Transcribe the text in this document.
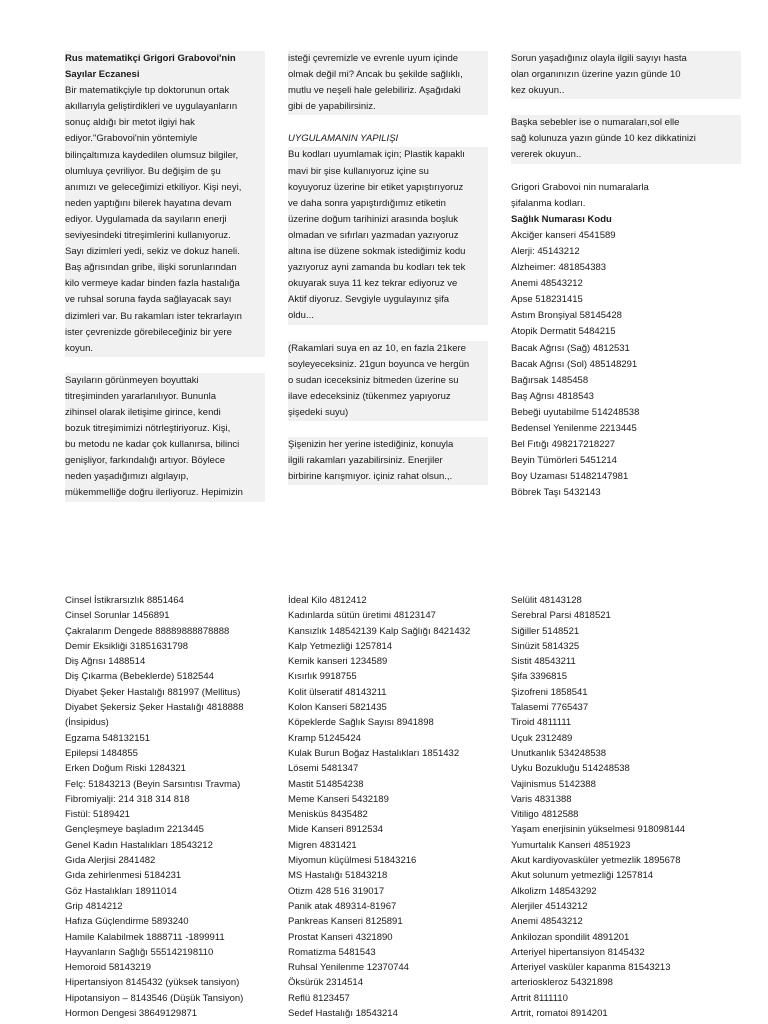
Rus matematikçi Grigori Grabovoi'nin
Sayılar Eczanesi
Bir matematikçiyle tıp doktorunun ortak
akıllarıyla geliştirdikleri ve uygulayanların
sonuç aldığı bir metot ilgiyi hak
ediyor."Grabovoi'nin yöntemiyle
bilinçaltımıza kaydedilen olumsuz bilgiler,
olumluya çevriliyor. Bu değişim de şu
anımızı ve geleceğimizi etkiliyor. Kişi neyi,
neden yaptığını bilerek hayatına devam
ediyor. Uygulamada da sayıların enerji
seviyesindeki titreşimlerini kullanıyoruz.
Sayı dizimleri yedi, sekiz ve dokuz haneli.
Baş ağrısından gribe, ilişki sorunlarından
kilo vermeye kadar binden fazla hastalığa
ve ruhsal soruna fayda sağlayacak sayı
dizimleri var. Bu rakamları ister tekrarlayın
ister çevrenizde görebileceğiniz bir yere
koyun.
Sayıların görünmeyen boyuttaki
titreşiminden yararlanılıyor. Bununla
zihinsel olarak iletişime girince, kendi
bozuk titreşimimizi nötrleştiriyoruz. Kişi,
bu metodu ne kadar çok kullanırsa, bilinci
genişliyor, farkındalığı artıyor. Böylece
neden yaşadığımızı algılayıp,
mükemmelliğe doğru ilerliyoruz. Hepimizin
isteği çevremizle ve evrenle uyum içinde
olmak değil mi? Ancak bu şekilde sağlıklı,
mutlu ve neşeli hale gelebiliriz. Aşağıdaki
gibi de yapabilirsiniz.
UYGULAMANIN YAPILIŞI
Bu kodları uyumlamak için; Plastik kapaklı
mavi bir şise kullanıyoruz içine su
koyuyoruz üzerine bir etiket yapıştırıyoruz
ve daha sonra yapıştırdığımız etiketin
üzerine doğum tarihinizi arasında boşluk
olmadan ve sıfırları yazmadan yazıyoruz
altına ise düzene sokmak istediğimiz kodu
yazıyoruz ayni zamanda bu kodları tek tek
okuyarak suya 11 kez tekrar ediyoruz ve
Aktif diyoruz. Sevgiyle uygulayınız şifa
oldu...
(Rakamlari suya en az 10, en fazla 21kere
soyleyeceksiniz. 21gun boyunca ve hergün
o sudan iceceksiniz bitmeden üzerine su
ilave edeceksiniz (tükenmez yapıyoruz
şişedeki suyu)
Şişenizin her yerine istediğiniz, konuyla
ilgili rakamları yazabilirsiniz. Enerjiler
birbirine karışmıyor. içiniz rahat olsun.,.
Sorun yaşadığınız olayla ilgili sayıyı hasta
olan organınızın üzerine yazın günde 10
kez okuyun..
Başka sebebler ise o numaraları,sol elle
sağ kolunuza yazın günde 10 kez dikkatinizi
vererek okuyun..
Grigori Grabovoi nin numaralarla
şifalanma kodları.
Sağlık Numarası Kodu
Akciğer kanseri 4541589
Alerji: 45143212
Alzheimer: 481854383
Anemi 48543212
Apse 518231415
Astım Bronşiyal 58145428
Atopik Dermatit 5484215
Bacak Ağrısı (Sağ) 4812531
Bacak Ağrısı (Sol) 485148291
Bağırsak 1485458
Baş Ağrısı 4818543
Bebeği uyutabilme 514248538
Bedensel Yenilenme 2213445
Bel Fıtığı 498217218227
Beyin Tümörleri 5451214
Boy Uzaması 51482147981
Böbrek Taşı 5432143
Cinsel İstikrarsızlık 8851464
Cinsel Sorunlar 1456891
Çakralarım Dengede 88889888878888
Demir Eksikliği 31851631798
Diş Ağrısı 1488514
Diş Çıkarma (Bebeklerde) 5182544
Diyabet Şeker Hastalığı 881997 (Mellitus)
Diyabet Şekersiz Şeker Hastalığı 4818888
(İnsipidus)
Egzama 548132151
Epilepsi 1484855
Erken Doğum Riski 1284321
Felç: 51843213 (Beyin Sarsıntısı Travma)
Fibromiyalji: 214 318 314 818
Fistül: 5189421
Gençleşmeye başladım 2213445
Genel Kadın Hastalıkları 18543212
Gıda Alerjisi 2841482
Gıda zehirlenmesi 5184231
Göz Hastalıkları 18911014
Grip 4814212
Hafıza Güçlendirme 5893240
Hamile Kalabilmek 1888711 -1899911
Hayvanların Sağlığı 555142198110
Hemoroid 58143219
Hipertansiyon 8145432 (yüksek tansiyon)
Hipotansiyon – 8143546 (Düşük Tansiyon)
Hormon Dengesi 38649129871
İdeal Kilo 4812412
Kadınlarda sütün üretimi 48123147
Kansızlık 148542139 Kalp Sağlığı 8421432
Kalp Yetmezliği 1257814
Kemik kanseri 1234589
Kısırlık 9918755
Kolit ülseratif 48143211
Kolon Kanseri 5821435
Köpeklerde Sağlık Sayısı 8941898
Kramp 51245424
Kulak Burun Boğaz Hastalıkları 1851432
Lösemi 5481347
Mastit 514854238
Meme Kanseri 5432189
Menisküs 8435482
Mide Kanseri 8912534
Migren 4831421
Miyomun küçülmesi 51843216
MS Hastalığı 51843218
Otizm 428 516 319017
Panik atak 489314-81967
Pankreas Kanseri 8125891
Prostat Kanseri 4321890
Romatizma 5481543
Ruhsal Yenilenme 12370744
Öksürük 2314514
Reflü 8123457
Sedef Hastalığı 18543214
Selülit 48143128
Serebral Parsi 4818521
Siğiller 5148521
Sinüzit 5814325
Sistit 48543211
Şifa 3396815
Şizofreni 1858541
Talasemi 7765437
Tiroid 4811111
Uçuk 2312489
Unutkanlık 534248538
Uyku Bozukluğu 514248538
Vajinismus 5142388
Varis 4831388
Vitiligo 4812588
Yaşam enerjisinin yükselmesi 918098144
Yumurtalık Kanseri 4851923
Akut kardiyovasküler yetmezlik 1895678
Akut solunum yetmezliği 1257814
Alkolizm 148543292
Alerjiler 45143212
Anemi 48543212
Ankilozan spondilit 4891201
Arteriyel hipertansiyon 8145432
Arteriyel vasküler kapanma 81543213
arterioskleroz 54321898
Artrit 8111110
Artrit, romatoi 8914201
